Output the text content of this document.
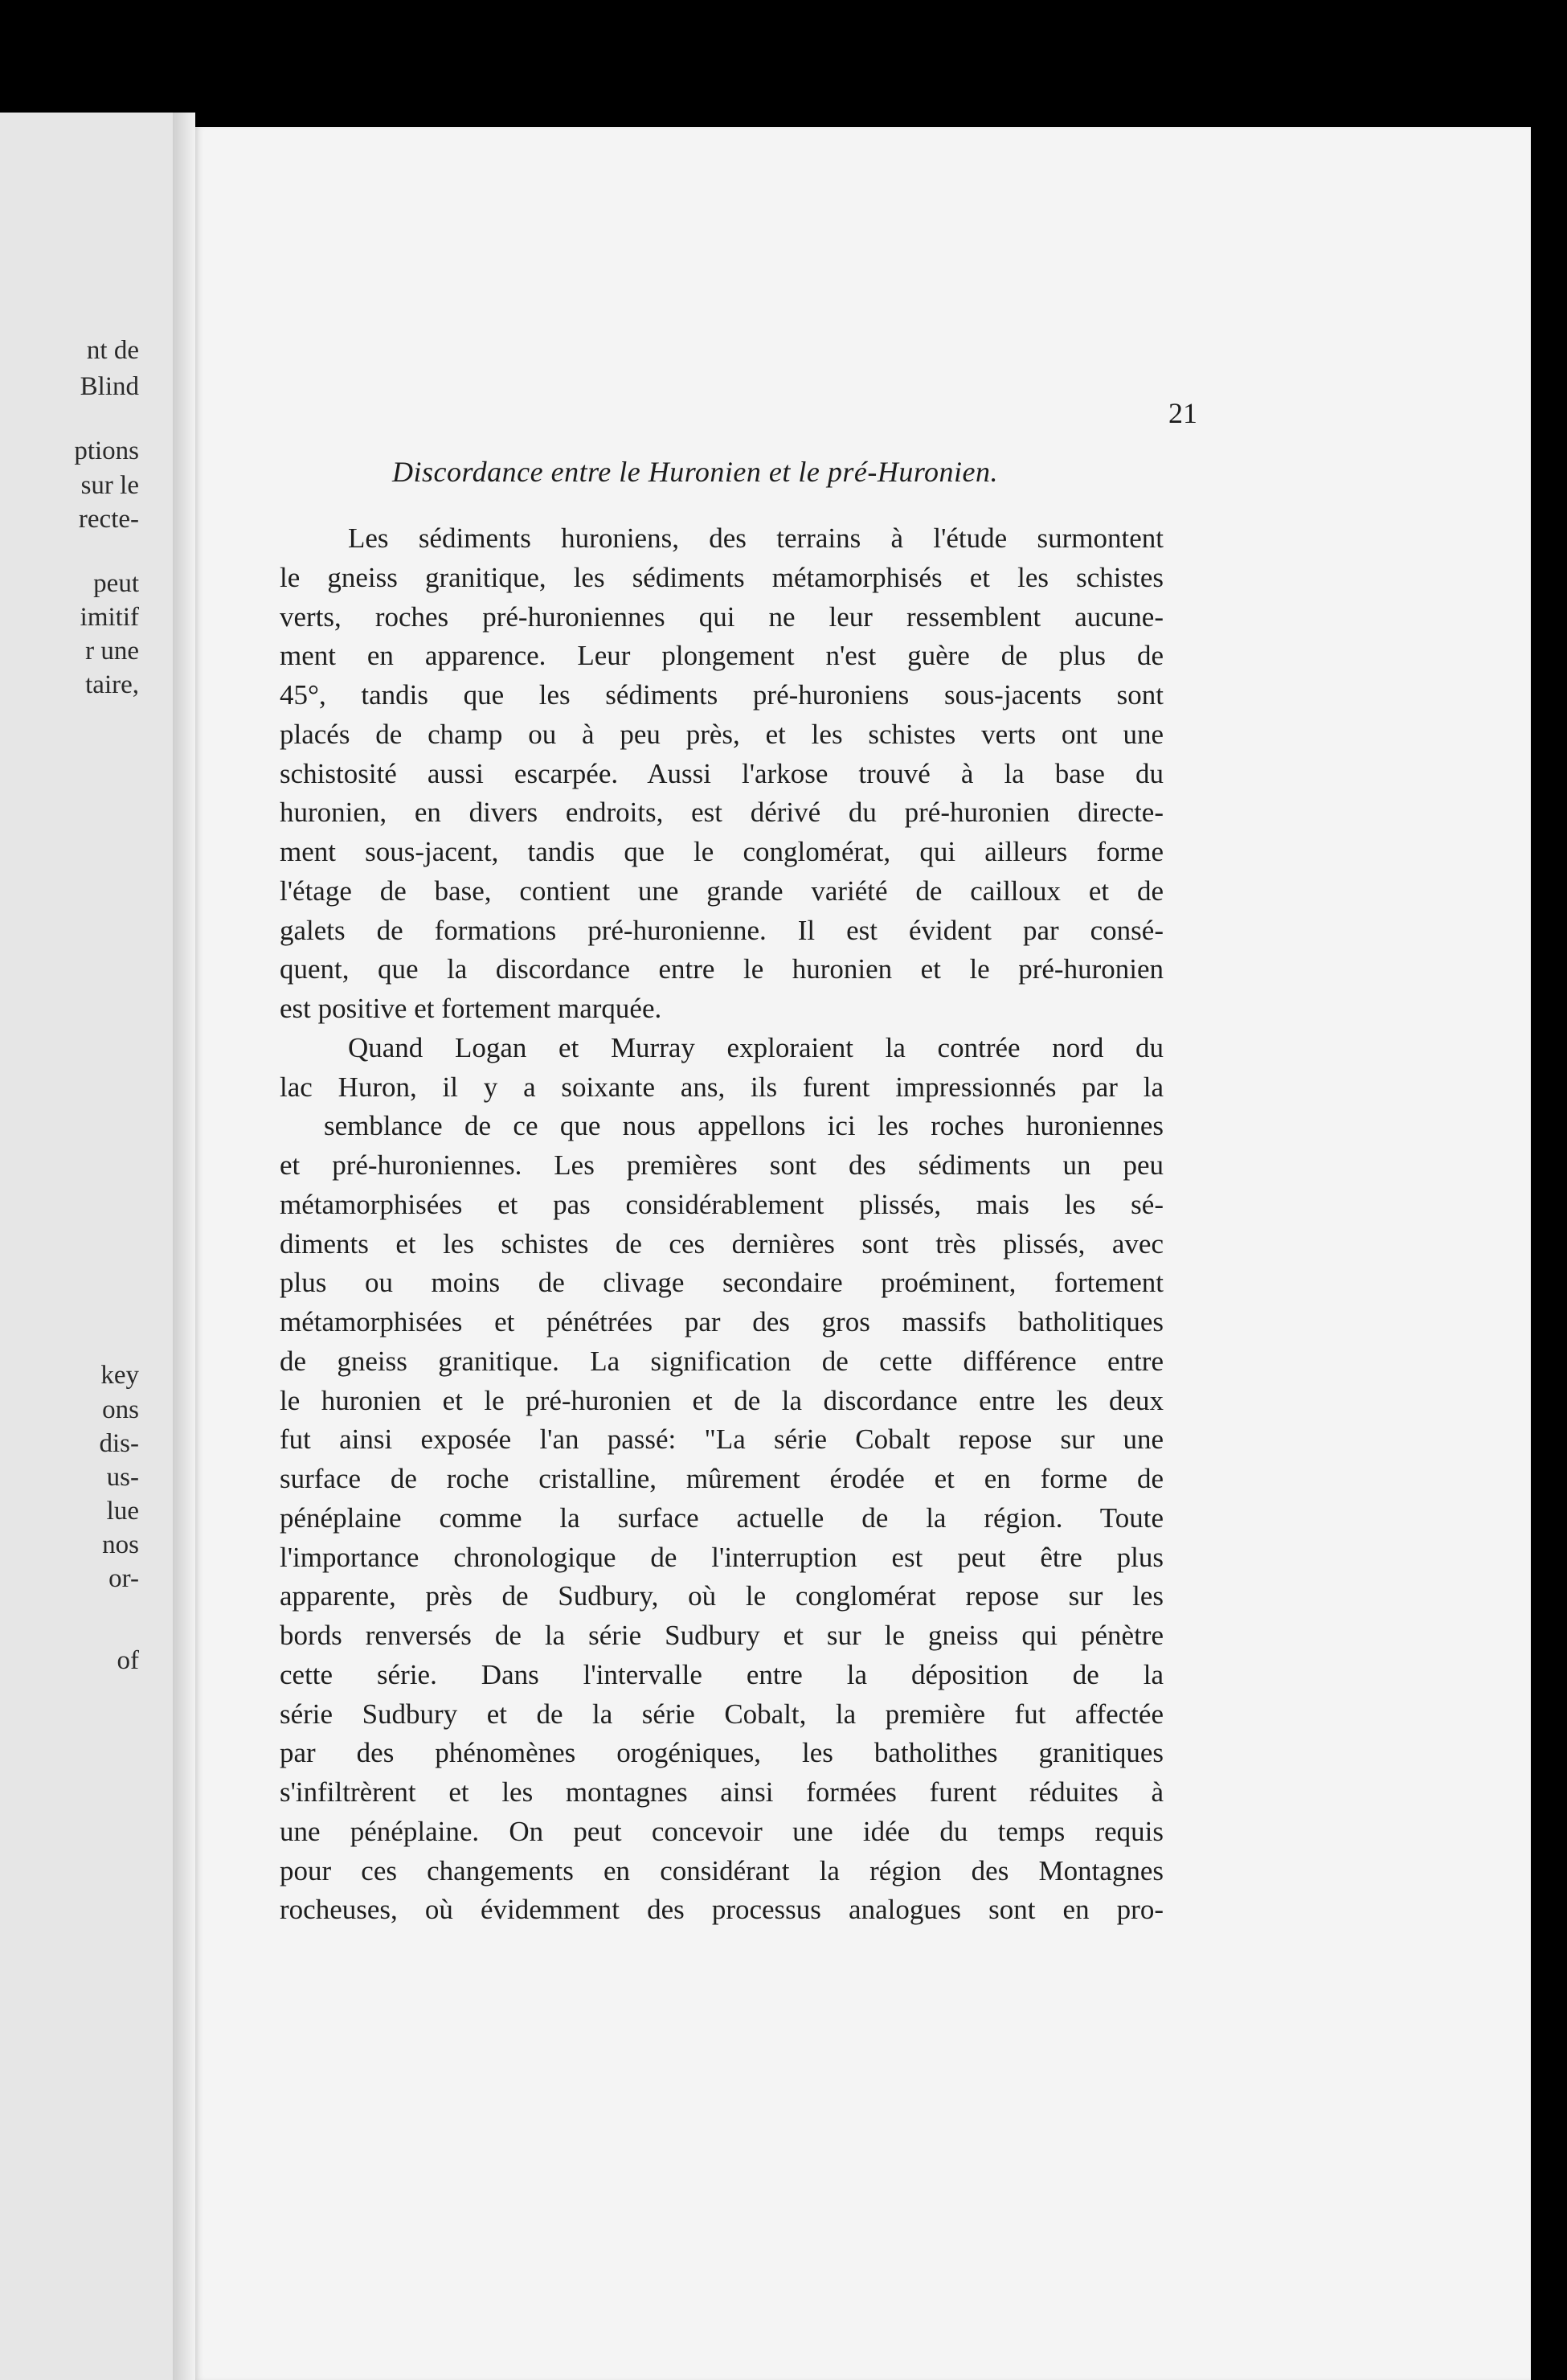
nt de
Blind
ptions
sur le
recte-
peut
imitif
r une
taire,
key
ons
dis-
us-
lue
nos
or-
of
21
Discordance entre le Huronien et le pré-Huronien.
Les sédiments huroniens, des terrains à l'étude surmontent
le gneiss granitique, les sédiments métamorphisés et les schistes
verts, roches pré-huroniennes qui ne leur ressemblent aucune-
ment en apparence. Leur plongement n'est guère de plus de
45°, tandis que les sédiments pré-huroniens sous-jacents sont
placés de champ ou à peu près, et les schistes verts ont une
schistosité aussi escarpée. Aussi l'arkose trouvé à la base du
huronien, en divers endroits, est dérivé du pré-huronien directe-
ment sous-jacent, tandis que le conglomérat, qui ailleurs forme
l'étage de base, contient une grande variété de cailloux et de
galets de formations pré-huronienne. Il est évident par consé-
quent, que la discordance entre le huronien et le pré-huronien
est positive et fortement marquée.
Quand Logan et Murray exploraient la contrée nord du
lac Huron, il y a soixante ans, ils furent impressionnés par la
semblance de ce que nous appellons ici les roches huroniennes
et pré-huroniennes. Les premières sont des sédiments un peu
métamorphisées et pas considérablement plissés, mais les sé-
diments et les schistes de ces dernières sont très plissés, avec
plus ou moins de clivage secondaire proéminent, fortement
métamorphisées et pénétrées par des gros massifs batholitiques
de gneiss granitique. La signification de cette différence entre
le huronien et le pré-huronien et de la discordance entre les deux
fut ainsi exposée l'an passé: "La série Cobalt repose sur une
surface de roche cristalline, mûrement érodée et en forme de
pénéplaine comme la surface actuelle de la région. Toute
l'importance chronologique de l'interruption est peut être plus
apparente, près de Sudbury, où le conglomérat repose sur les
bords renversés de la série Sudbury et sur le gneiss qui pénètre
cette série. Dans l'intervalle entre la déposition de la
série Sudbury et de la série Cobalt, la première fut affectée
par des phénomènes orogéniques, les batholithes granitiques
s'infiltrèrent et les montagnes ainsi formées furent réduites à
une pénéplaine. On peut concevoir une idée du temps requis
pour ces changements en considérant la région des Montagnes
rocheuses, où évidemment des processus analogues sont en pro-
